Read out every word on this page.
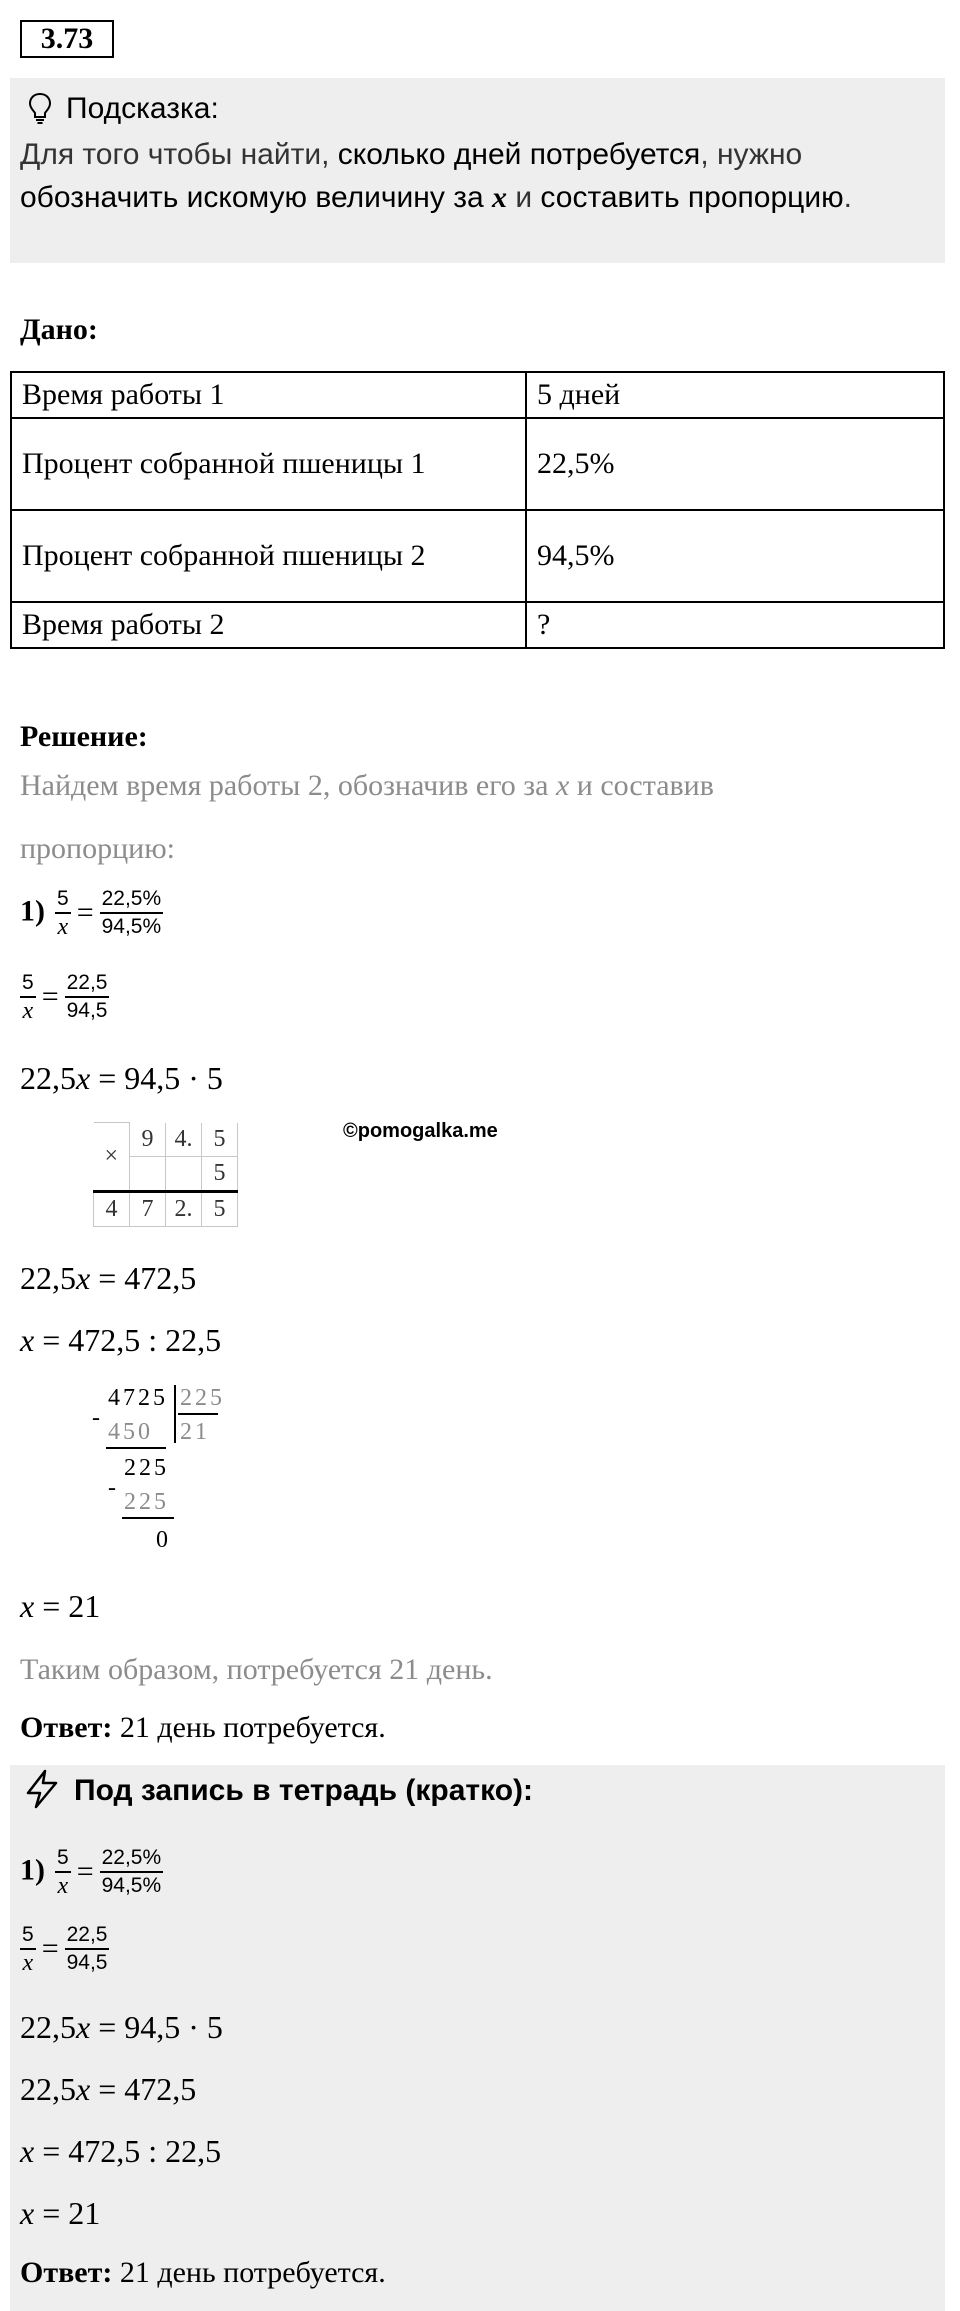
3.73
Подсказка:
Для того чтобы найти, сколько дней потребуется, нужно
обозначить искомую величину за x и составить пропорцию.
Дано:
Время работы 1	5 дней
Процент собранной пшеницы 1	22,5%
Процент собранной пшеницы 2	94,5%
Время работы 2	?
Решение:
Найдем время работы 2, обозначив его за x и составив
пропорцию:
$1) \frac{5}{x} = \frac{22,5\%}{94,5\%}$
$\frac{5}{x} = \frac{22,5}{94,5}$
22,5x = 94,5 · 5
×	9	4.	5
			5
4	7	2.	5
©pomogalka.me
22,5x = 472,5
x = 472,5 : 22,5
4725 225
-
450 21
225
-
225
0
x = 21
Таким образом, потребуется 21 день.
Ответ: 21 день потребуется.
Под запись в тетрадь (кратко):
$1) \frac{5}{x} = \frac{22,5\%}{94,5\%}$
$\frac{5}{x} = \frac{22,5}{94,5}$
22,5x = 94,5 · 5
22,5x = 472,5
x = 472,5 : 22,5
x = 21
Ответ: 21 день потребуется.
